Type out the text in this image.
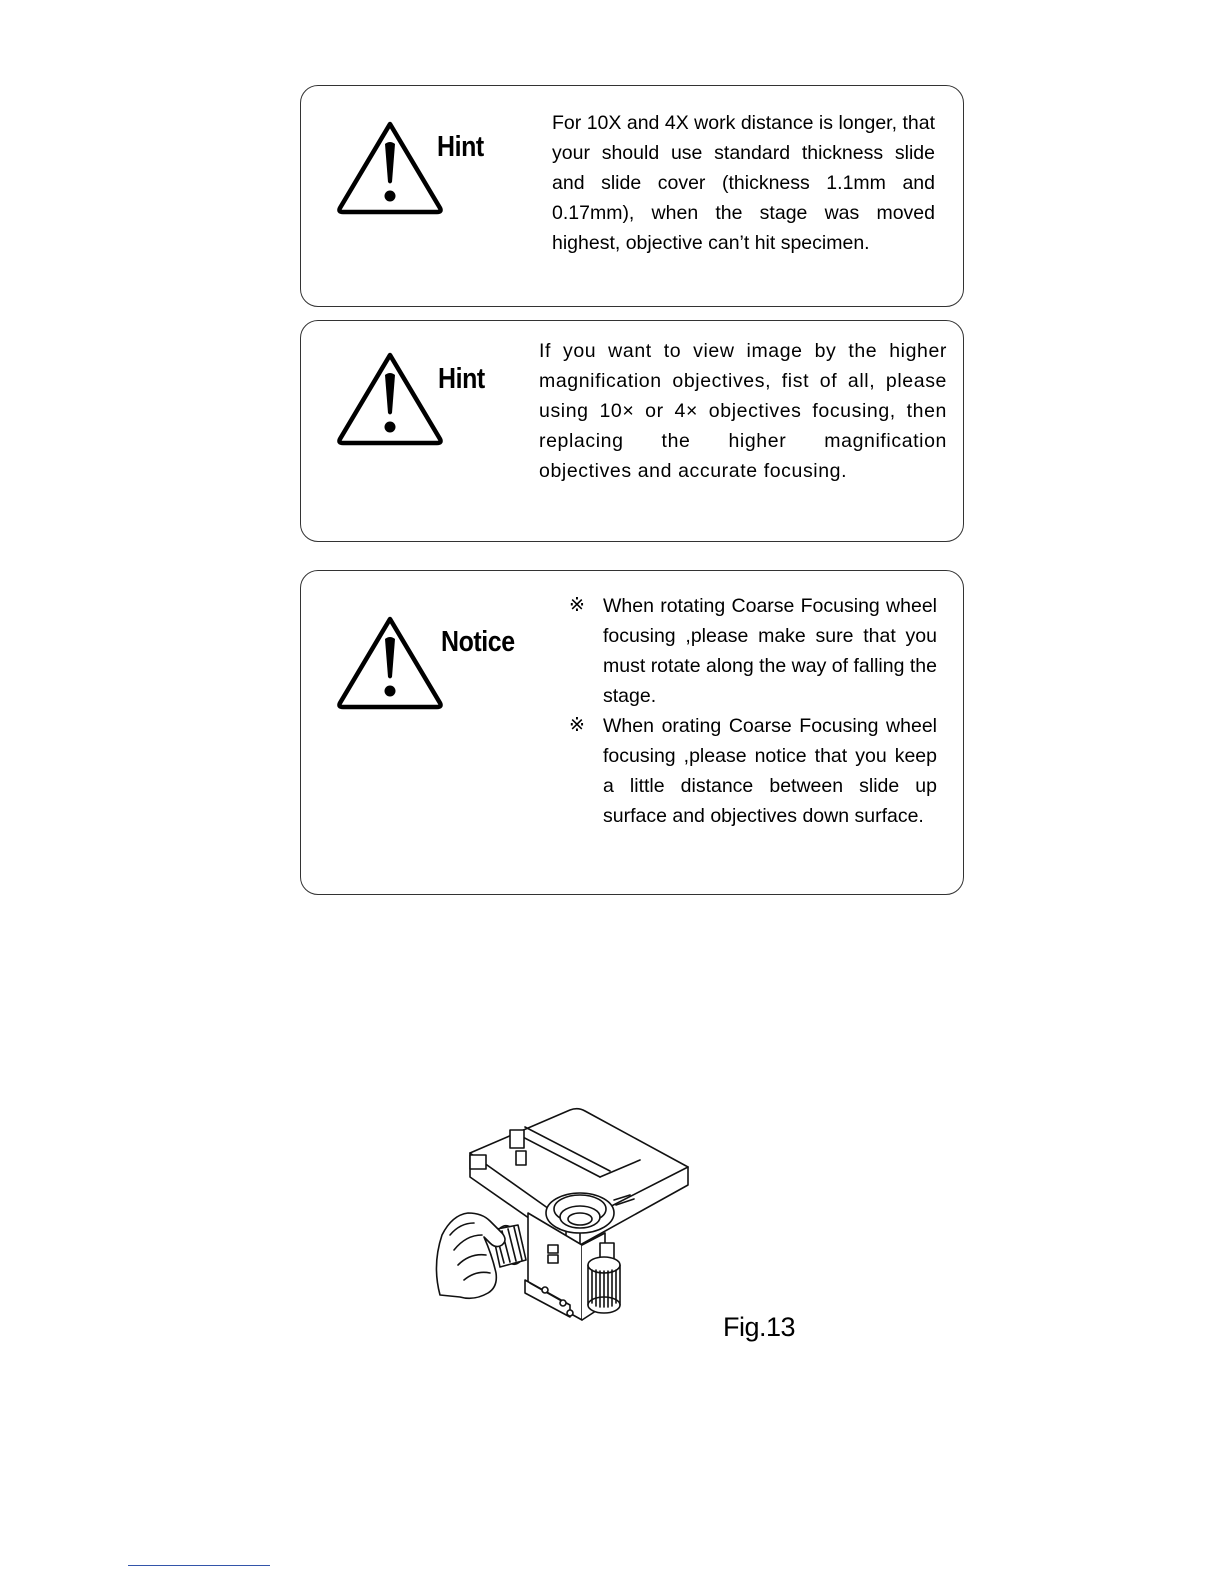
Hint
For 10X and 4X work distance is longer, that your should use standard thickness slide and slide cover (thickness 1.1mm and 0.17mm), when the stage was moved highest, objective can’t hit specimen.
Hint
If you want to view image by the higher magnification objectives, fist of all, please using 10× or 4× objectives focusing, then replacing the higher magnification objectives and accurate focusing.
Notice
※ When rotating Coarse Focusing wheel focusing ,please make sure that you must rotate along the way of falling the stage.
※ When orating Coarse Focusing wheel focusing ,please notice that you keep a little distance between slide up surface and objectives down surface.
Fig.13
